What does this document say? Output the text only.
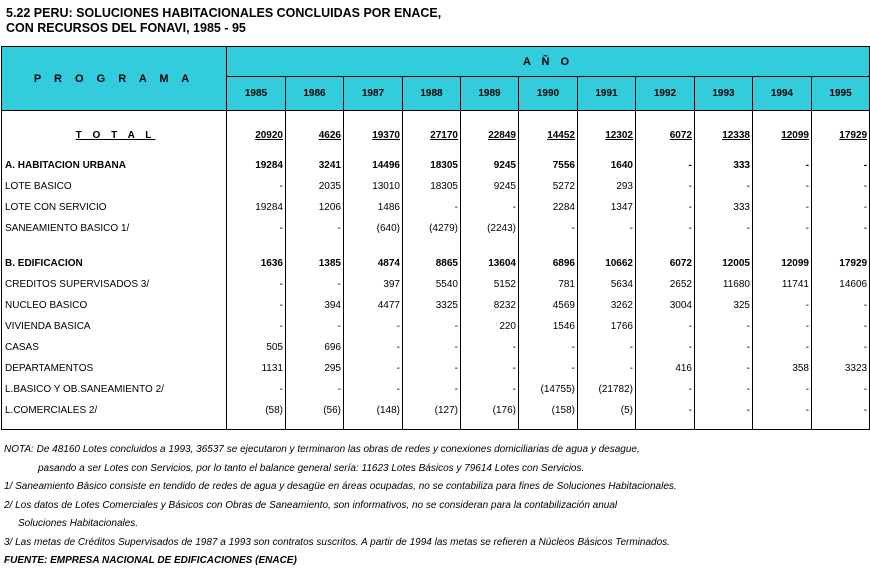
5.22 PERU: SOLUCIONES HABITACIONALES CONCLUIDAS POR ENACE,
CON RECURSOS DEL FONAVI, 1985 - 95
P R O G R A M A	A Ñ O										
	1985	1986	1987	1988	1989	1990	1991	1992	1993	1994	1995

T O T A L	20920	4626	19370	27170	22849	14452	12302	6072	12338	12099	17929

A. HABITACION URBANA	19284	3241	14496	18305	9245	7556	1640	-	333	-	-
LOTE BASICO	-	2035	13010	18305	9245	5272	293	-	-	-	-
LOTE CON SERVICIO	19284	1206	1486	-	-	2284	1347	-	333	-	-
SANEAMIENTO BASICO 1/	-	-	(640)	(4279)	(2243)	-	-	-	-	-	-

B. EDIFICACION	1636	1385	4874	8865	13604	6896	10662	6072	12005	12099	17929
CREDITOS SUPERVISADOS 3/	-	-	397	5540	5152	781	5634	2652	11680	11741	14606
NUCLEO BASICO	-	394	4477	3325	8232	4569	3262	3004	325	-	-
VIVIENDA BASICA	-	-	-	-	220	1546	1766	-	-	-	-
CASAS	505	696	-	-	-	-	-	-	-	-	-
DEPARTAMENTOS	1131	295	-	-	-	-	-	416	-	358	3323
L.BASICO Y OB.SANEAMIENTO 2/	-	-	-	-	-	(14755)	(21782)	-	-	-	-
L.COMERCIALES 2/	(58)	(56)	(148)	(127)	(176)	(158)	(5)	-	-	-	-

NOTA: De 48160 Lotes concluidos a 1993, 36537 se ejecutaron y terminaron las obras de redes y conexiones domiciliarias de agua y desague,
pasando a ser Lotes con Servicios, por lo tanto el balance general sería: 11623 Lotes Básicos y 79614 Lotes con Servicios.
1/ Saneamiento Básico consiste en tendido de redes de agua y desagüe en áreas ocupadas, no se contabiliza para fines de Soluciones Habitacionales.
2/ Los datos de Lotes Comerciales y Básicos con Obras de Saneamiento, son informativos, no se consideran para la contabilización anual
Soluciones Habitacionales.
3/ Las metas de Créditos Supervisados de 1987 a 1993 son contratos suscritos. A partir de 1994 las metas se refieren a Núcleos Básicos Terminados.
FUENTE: EMPRESA NACIONAL DE EDIFICACIONES (ENACE)
